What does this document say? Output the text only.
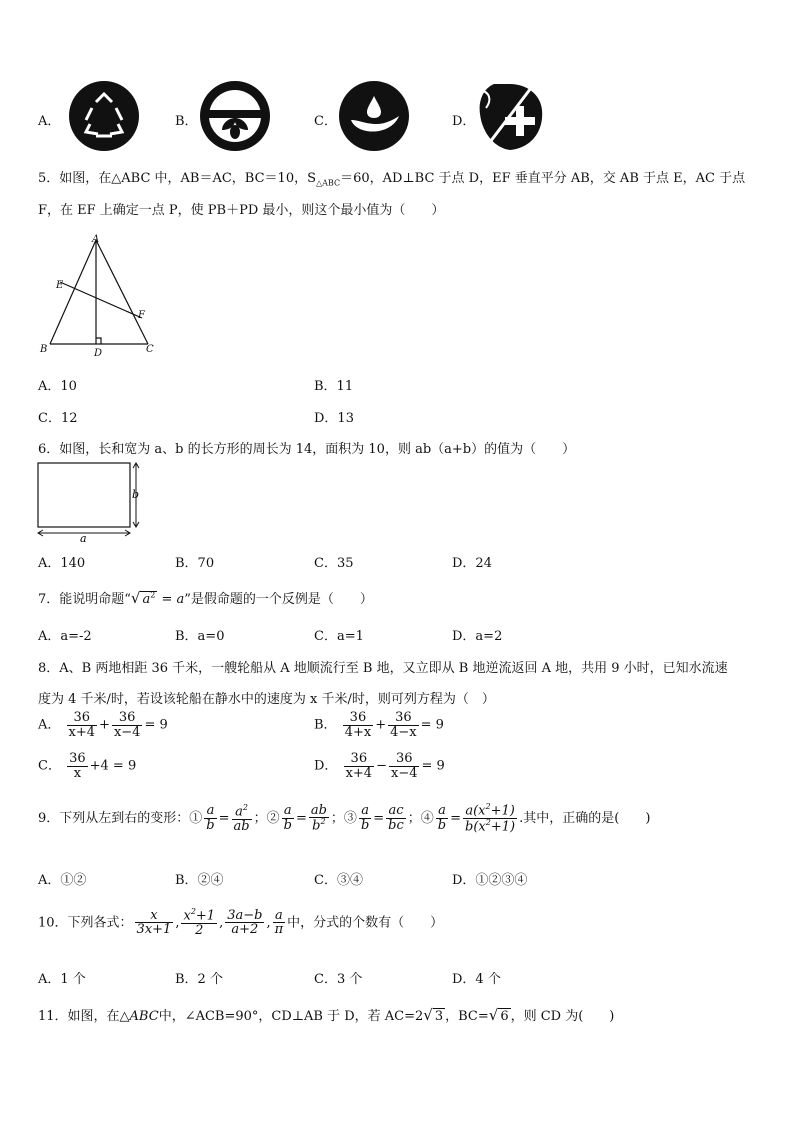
A．	B．	C．	D．
5．如图，在△ABC 中，AB＝AC，BC＝10，$S_{\triangle ABC}=60$，AD⊥BC 于点 D，EF 垂直平分 AB，交 AB 于点 E，AC 于点
F，在 EF 上确定一点 P，使 PB＋PD 最小，则这个最小值为（　　）
A
B	C
D
E
F
A．10	B．11
C．12	D．13
6．如图，长和宽为 a、b 的长方形的周长为 14，面积为 10，则 ab（a+b）的值为（　　）
b
a
A．140	B．70	C．35	D．24
7．能说明命题“√ $a^2 = a$”是假命题的一个反例是（　　）
A．a=-2	B．a=0	C．a=1	D．a=2
8．A、B 两地相距 36 千米，一艘轮船从 A 地顺流行至 B 地，又立即从 B 地逆流返回 A 地，共用 9 小时，已知水流速
度为 4 千米/时，若设该轮船在静水中的速度为 x 千米/时，则可列方程为（　）
A． $\frac{36}{x+4} + \frac{36}{x-4} = 9$	B． $\frac{36}{4+x} + \frac{36}{4-x} = 9$
C． $\frac{36}{x} +4 = 9$	D． $\frac{36}{x+4} - \frac{36}{x-4} = 9$
9．下列从左到右的变形：① $\frac{a}{b} = \frac{a^2}{ab}$ ；② $\frac{a}{b} = \frac{ab}{b^2}$ ；③ $\frac{a}{b} = \frac{ac}{bc}$ ；④ $\frac{a}{b} = \frac{a(x^2+1)}{b(x^2+1)}$ .其中，正确的是(　　)
A．①②	B．②④	C．③④	D．①②③④
10．下列各式： $\frac{x}{3x+1}$ , $\frac{x^2+1}{2}$ , $\frac{3a-b}{a+2}$ , $\frac{a}{\pi}$ 中，分式的个数有（　　）
A．1 个	B．2 个	C．3 个	D．4 个
11．如图，在△ABC中，∠ACB=90°，CD⊥AB 于 D，若 AC=2√ 3 ，BC=√ 6 ，则 CD 为(　　)
